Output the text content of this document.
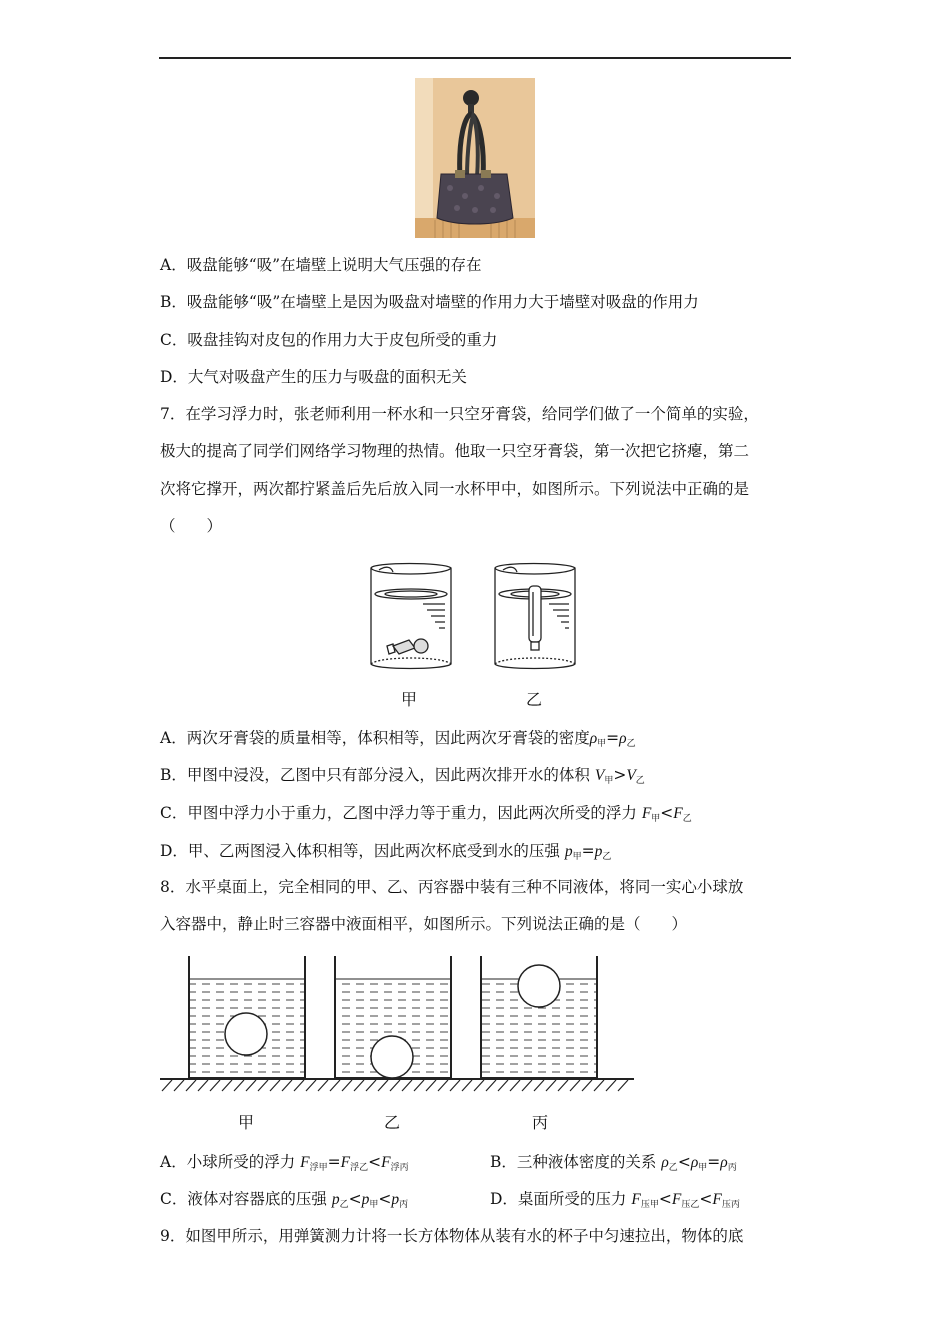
A．吸盘能够“吸”在墙壁上说明大气压强的存在
B．吸盘能够“吸”在墙壁上是因为吸盘对墙壁的作用力大于墙壁对吸盘的作用力
C．吸盘挂钩对皮包的作用力大于皮包所受的重力
D．大气对吸盘产生的压力与吸盘的面积无关
7．在学习浮力时，张老师利用一杯水和一只空牙膏袋，给同学们做了一个简单的实验，
极大的提高了同学们网络学习物理的热情。他取一只空牙膏袋，第一次把它挤瘪，第二
次将它撑开，两次都拧紧盖后先后放入同一水杯甲中，如图所示。下列说法中正确的是
（　　）
甲	乙
A．两次牙膏袋的质量相等，体积相等，因此两次牙膏袋的密度$\rho_甲=\rho_乙$
B．甲图中浸没，乙图中只有部分浸入，因此两次排开水的体积 $V_甲>V_乙$
C．甲图中浮力小于重力，乙图中浮力等于重力，因此两次所受的浮力 $F_甲<F_乙$
D．甲、乙两图浸入体积相等，因此两次杯底受到水的压强 $p_甲=p_乙$
8．水平桌面上，完全相同的甲、乙、丙容器中装有三种不同液体，将同一实心小球放
入容器中，静止时三容器中液面相平，如图所示。下列说法正确的是（　　）
甲	乙	丙
A．小球所受的浮力 $F_{浮甲}=F_{浮乙}<F_{浮丙}$	B．三种液体密度的关系 $\rho_乙<\rho_甲=\rho_丙$
C．液体对容器底的压强 $p_乙<p_甲<p_丙$	D．桌面所受的压力 $F_{压甲}<F_{压乙}<F_{压丙}$
9．如图甲所示，用弹簧测力计将一长方体物体从装有水的杯子中匀速拉出，物体的底
